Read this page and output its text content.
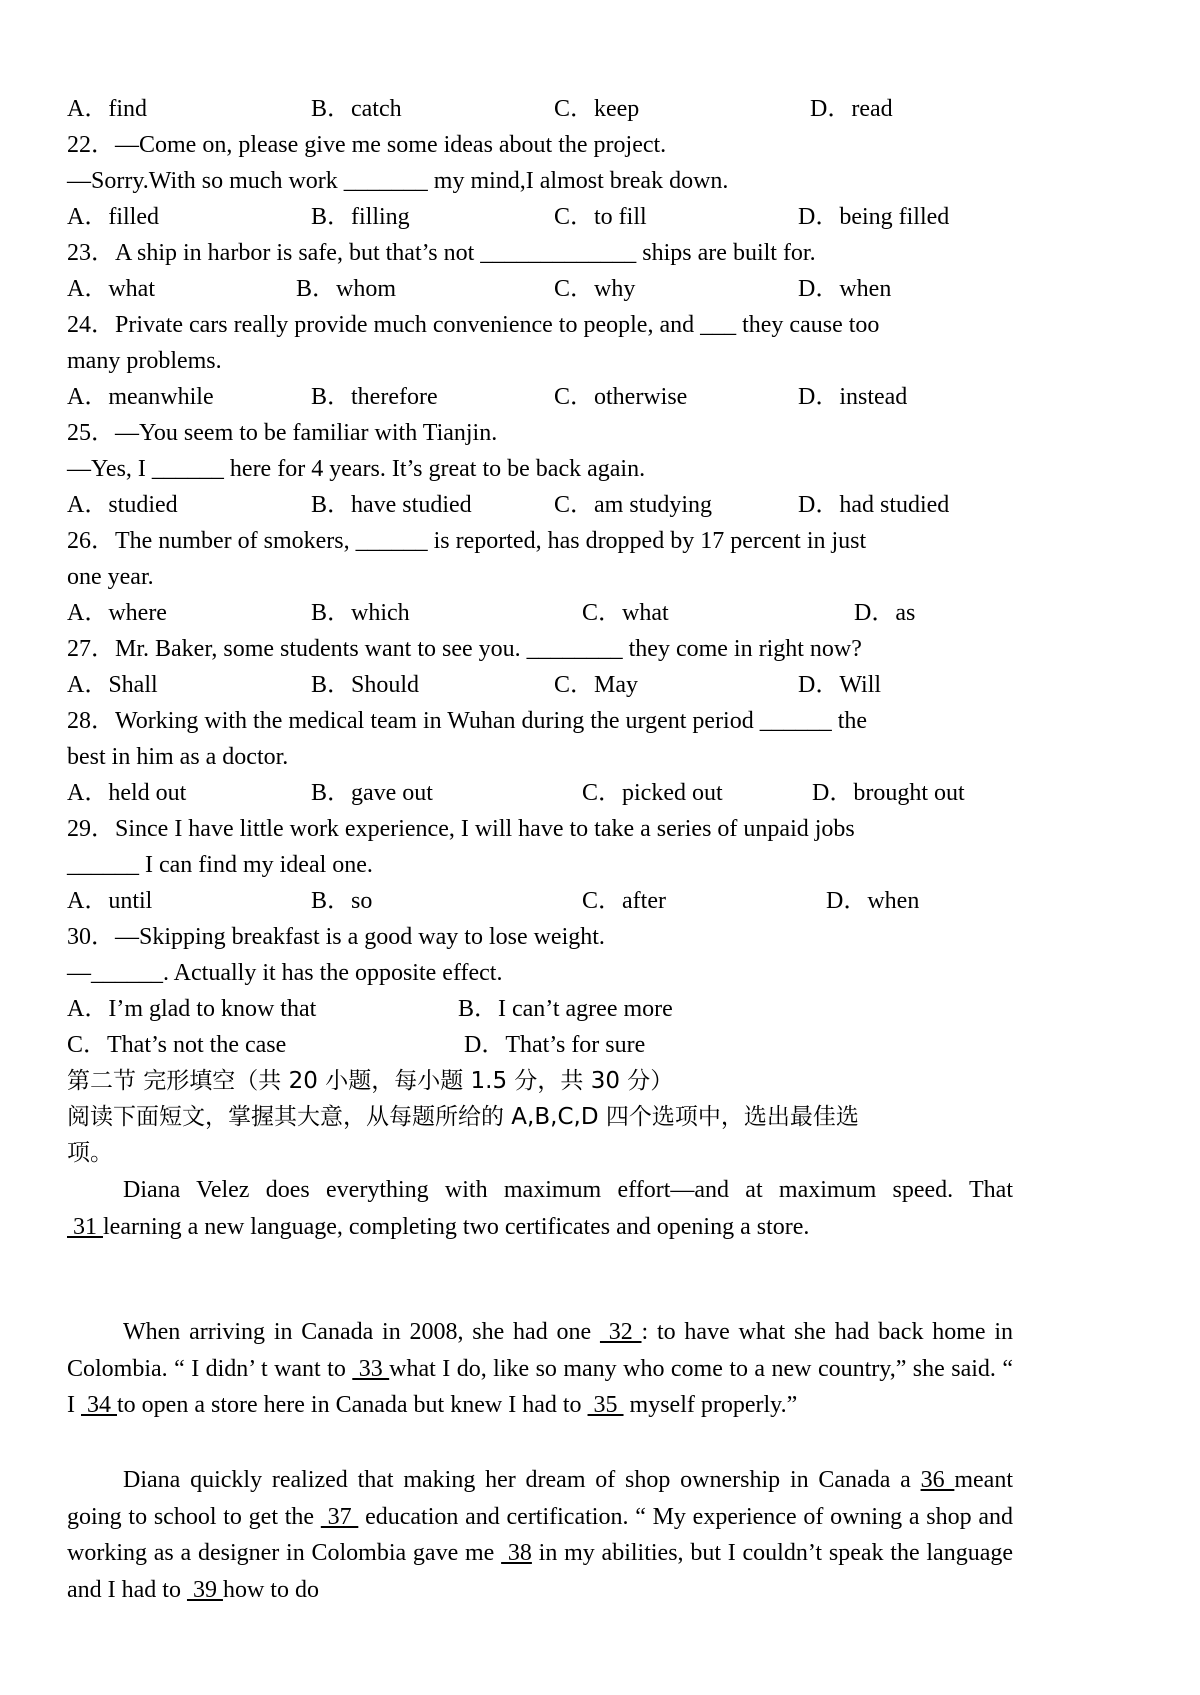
A．find	B．catch	C．keep	D．read
22．—Come on, please give me some ideas about the project.
—Sorry.With so much work _______ my mind,I almost break down.
A．filled	B．filling	C．to fill	D．being filled
23．A ship in harbor is safe, but that’s not _____________ ships are built for.
A．what	B．whom	C．why	D．when
24．Private cars really provide much convenience to people, and ___ they cause too
many problems.
A．meanwhile	B．therefore	C．otherwise	D．instead
25．—You seem to be familiar with Tianjin.
—Yes, I ______ here for 4 years. It’s great to be back again.
A．studied	B．have studied	C．am studying	D．had studied
26．The number of smokers, ______ is reported, has dropped by 17 percent in just
one year.
A．where	B．which	C．what	D．as
27．Mr. Baker, some students want to see you. ________ they come in right now?
A．Shall	B．Should	C．May	D．Will
28．Working with the medical team in Wuhan during the urgent period ______ the
best in him as a doctor.
A．held out	B．gave out	C．picked out	D．brought out
29．Since I have little work experience, I will have to take a series of unpaid jobs
______ I can find my ideal one.
A．until	B．so	C．after	D．when
30．—Skipping breakfast is a good way to lose weight.
—______. Actually it has the opposite effect.
A．I’m glad to know that	B．I can’t agree more
C．That’s not the case	D．That’s for sure
第二节 完形填空（共 20 小题，每小题 1.5 分，共 30 分）
阅读下面短文，掌握其大意，从每题所给的 A,B,C,D 四个选项中，选出最佳选
项。
Diana Velez does everything with maximum effort—and at maximum speed. That  31 learning a new language, completing two certificates and opening a store.
When arriving in Canada in 2008, she had one  32 : to have what she had back home in Colombia. “ I didn’ t want to  33 what I do, like so many who come to a new country,” she said. “ I  34 to open a store here in Canada but knew I had to  35  myself properly.”
Diana quickly realized that making her dream of shop ownership in Canada a 36 meant going to school to get the  37  education and certification. “ My experience of owning a shop and working as a designer in Colombia gave me  38 in my abilities, but I couldn’t speak the language and I had to  39 how to do
